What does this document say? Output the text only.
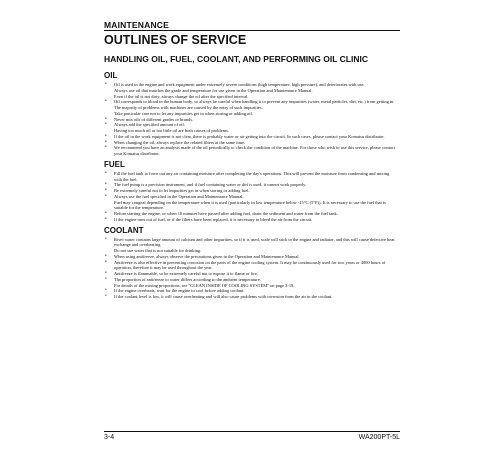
MAINTENANCE
OUTLINES OF SERVICE
HANDLING OIL, FUEL, COOLANT, AND PERFORMING OIL CLINIC
OIL
• Oil is used in the engine and work equipment under extremely severe conditions (high temperature, high pressure), and deteriorates with use.
Always use oil that matches the grade and temperature for use given in the Operation and Maintenance Manual.
Even if the oil is not dirty, always change the oil after the specified interval.
• Oil corresponds to blood in the human body, so always be careful when handling it to prevent any impurities (water, metal particles, dirt, etc.) from getting in.
The majority of problems with machines are caused by the entry of such impurities.
Take particular care not to let any impurities get in when storing or adding oil.
• Never mix oils of different grades or brands.
• Always add the specified amount of oil.
Having too much oil or too little oil are both causes of problems.
• If the oil in the work equipment is not clear, there is probably water or air getting into the circuit. In such cases, please contact your Komatsu distributor.
• When changing the oil, always replace the related filters at the same time.
• We recommend you have an analysis made of the oil periodically to check the condition of the machine. For those who wish to use this service, please contact your Komatsu distributor.
FUEL
• Fill the fuel tank to force out any air containing moisture after completing the day's operations. This will prevent the moisture from condensing and mixing with the fuel.
• The fuel pump is a precision instrument, and if fuel containing water or dirt is used, it cannot work properly.
• Be extremely careful not to let impurities get in when storing or adding fuel.
• Always use the fuel specified in the Operation and Maintenance Manual.
Fuel may congeal depending on the temperature when it is used (particularly in low temperature below -15°C (5°F)). It is necessary to use the fuel that is suitable for the temperature.
• Before starting the engine, or when 10 minutes have passed after adding fuel, drain the sediment and water from the fuel tank.
• If the engine runs out of fuel, or if the filters have been replaced, it is necessary to bleed the air from the circuit.
COOLANT
• River water contains large amount of calcium and other impurities, so if it is used, scale will stick to the engine and radiator, and this will cause defective heat exchange and overheating.
Do not use water that is not suitable for drinking.
• When using antifreeze, always observe the precautions given in the Operation and Maintenance Manual.
• Antifreeze is also effective in preventing corrosion on the parts of the engine cooling system. It may be continuously used for two years or 4000 hours of operation, therefore it may be used throughout the year.
• Antifreeze is flammable, so be extremely careful not to expose it to flame or fire.
• The proportion of antifreeze to water differs according to the ambient temperature.
For details of the mixing proportions, see "CLEAN INSIDE OF COOLING SYSTEM" on page 3-19.
• If the engine overheats, wait for the engine to cool before adding coolant.
• If the coolant level is low, it will cause overheating and will also cause problems with corrosion from the air in the coolant.
3-4	WA200PT-5L
